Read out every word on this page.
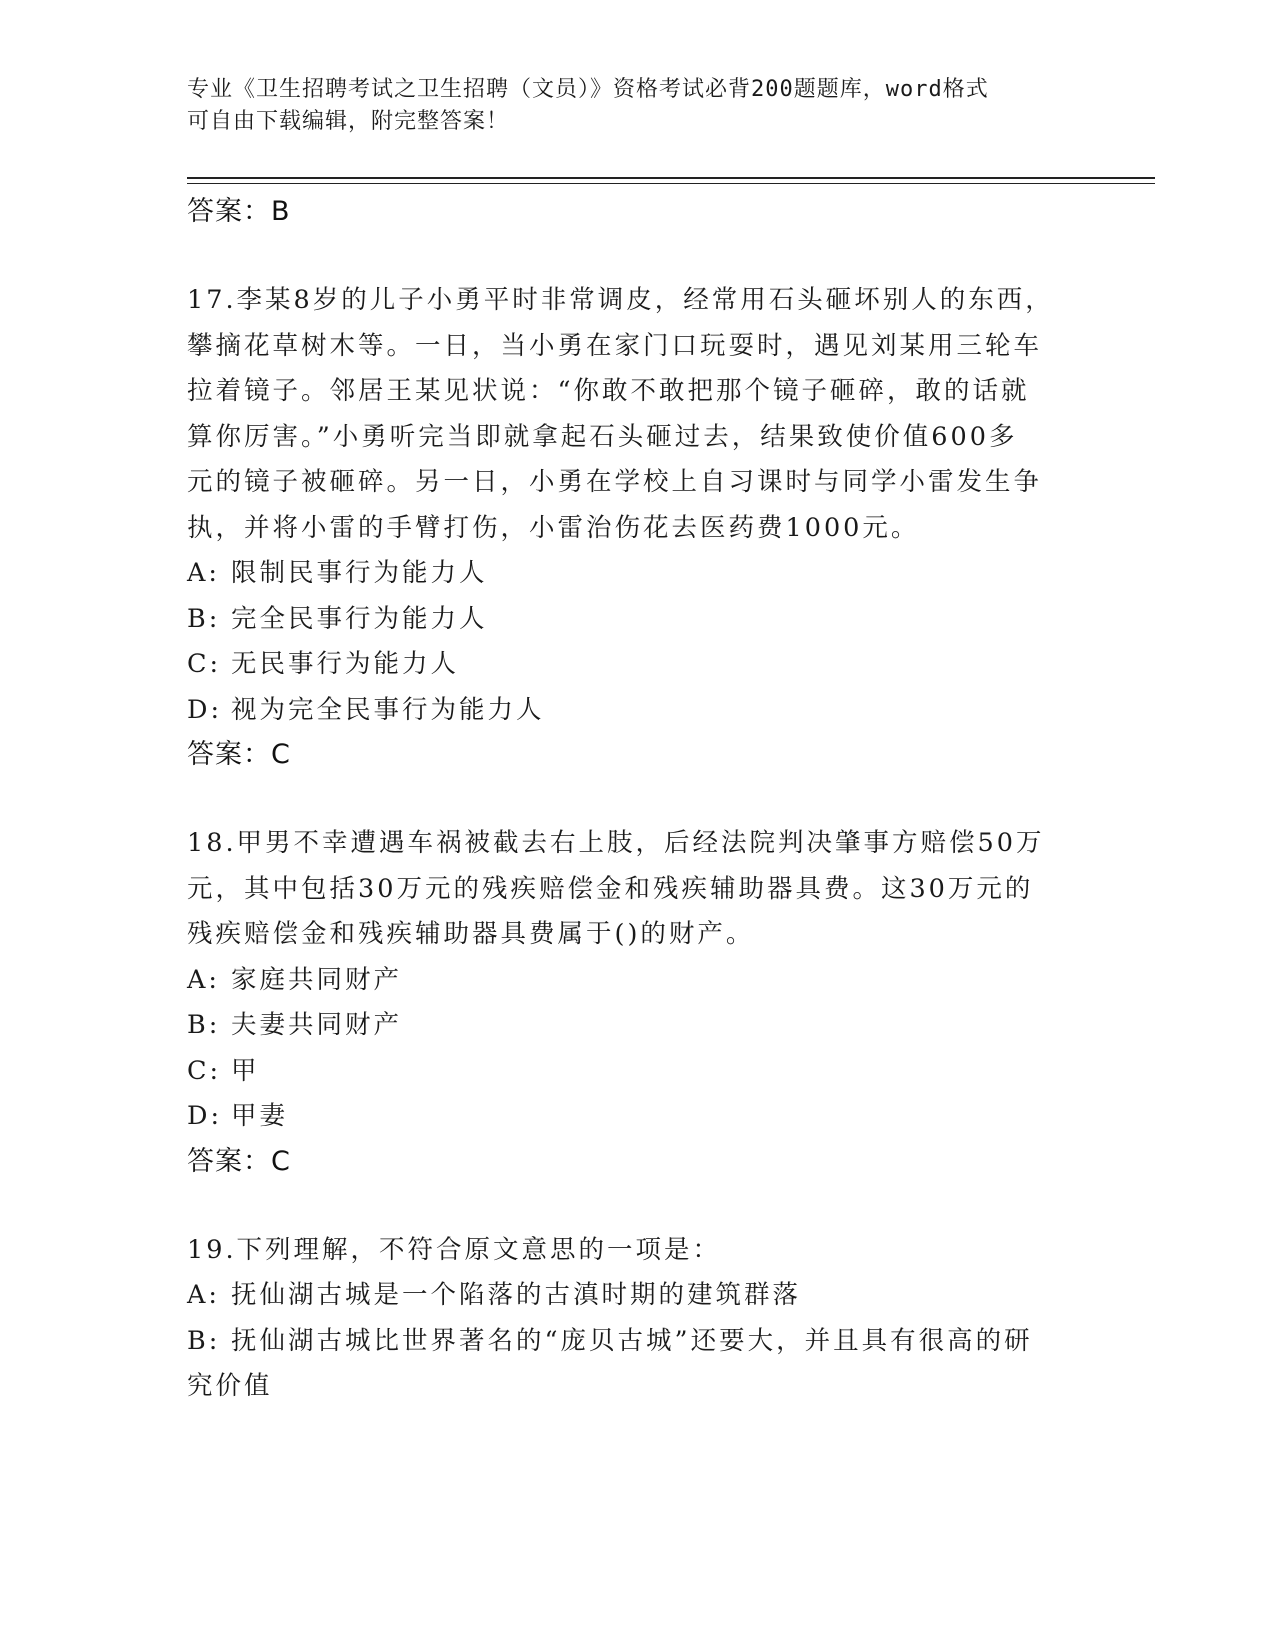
专业《卫生招聘考试之卫生招聘（文员）》资格考试必背200题题库，word格式
可自由下载编辑，附完整答案！
答案：B
17.李某8岁的儿子小勇平时非常调皮，经常用石头砸坏别人的东西，
攀摘花草树木等。一日，当小勇在家门口玩耍时，遇见刘某用三轮车
拉着镜子。邻居王某见状说：“你敢不敢把那个镜子砸碎，敢的话就
算你厉害。”小勇听完当即就拿起石头砸过去，结果致使价值600多
元的镜子被砸碎。另一日，小勇在学校上自习课时与同学小雷发生争
执，并将小雷的手臂打伤，小雷治伤花去医药费1000元。
A: 限制民事行为能力人
B: 完全民事行为能力人
C: 无民事行为能力人
D: 视为完全民事行为能力人
答案：C
18.甲男不幸遭遇车祸被截去右上肢，后经法院判决肇事方赔偿50万
元，其中包括30万元的残疾赔偿金和残疾辅助器具费。这30万元的
残疾赔偿金和残疾辅助器具费属于()的财产。
A: 家庭共同财产
B: 夫妻共同财产
C: 甲
D: 甲妻
答案：C
19.下列理解，不符合原文意思的一项是：
A: 抚仙湖古城是一个陷落的古滇时期的建筑群落
B: 抚仙湖古城比世界著名的“庞贝古城”还要大，并且具有很高的研
究价值
